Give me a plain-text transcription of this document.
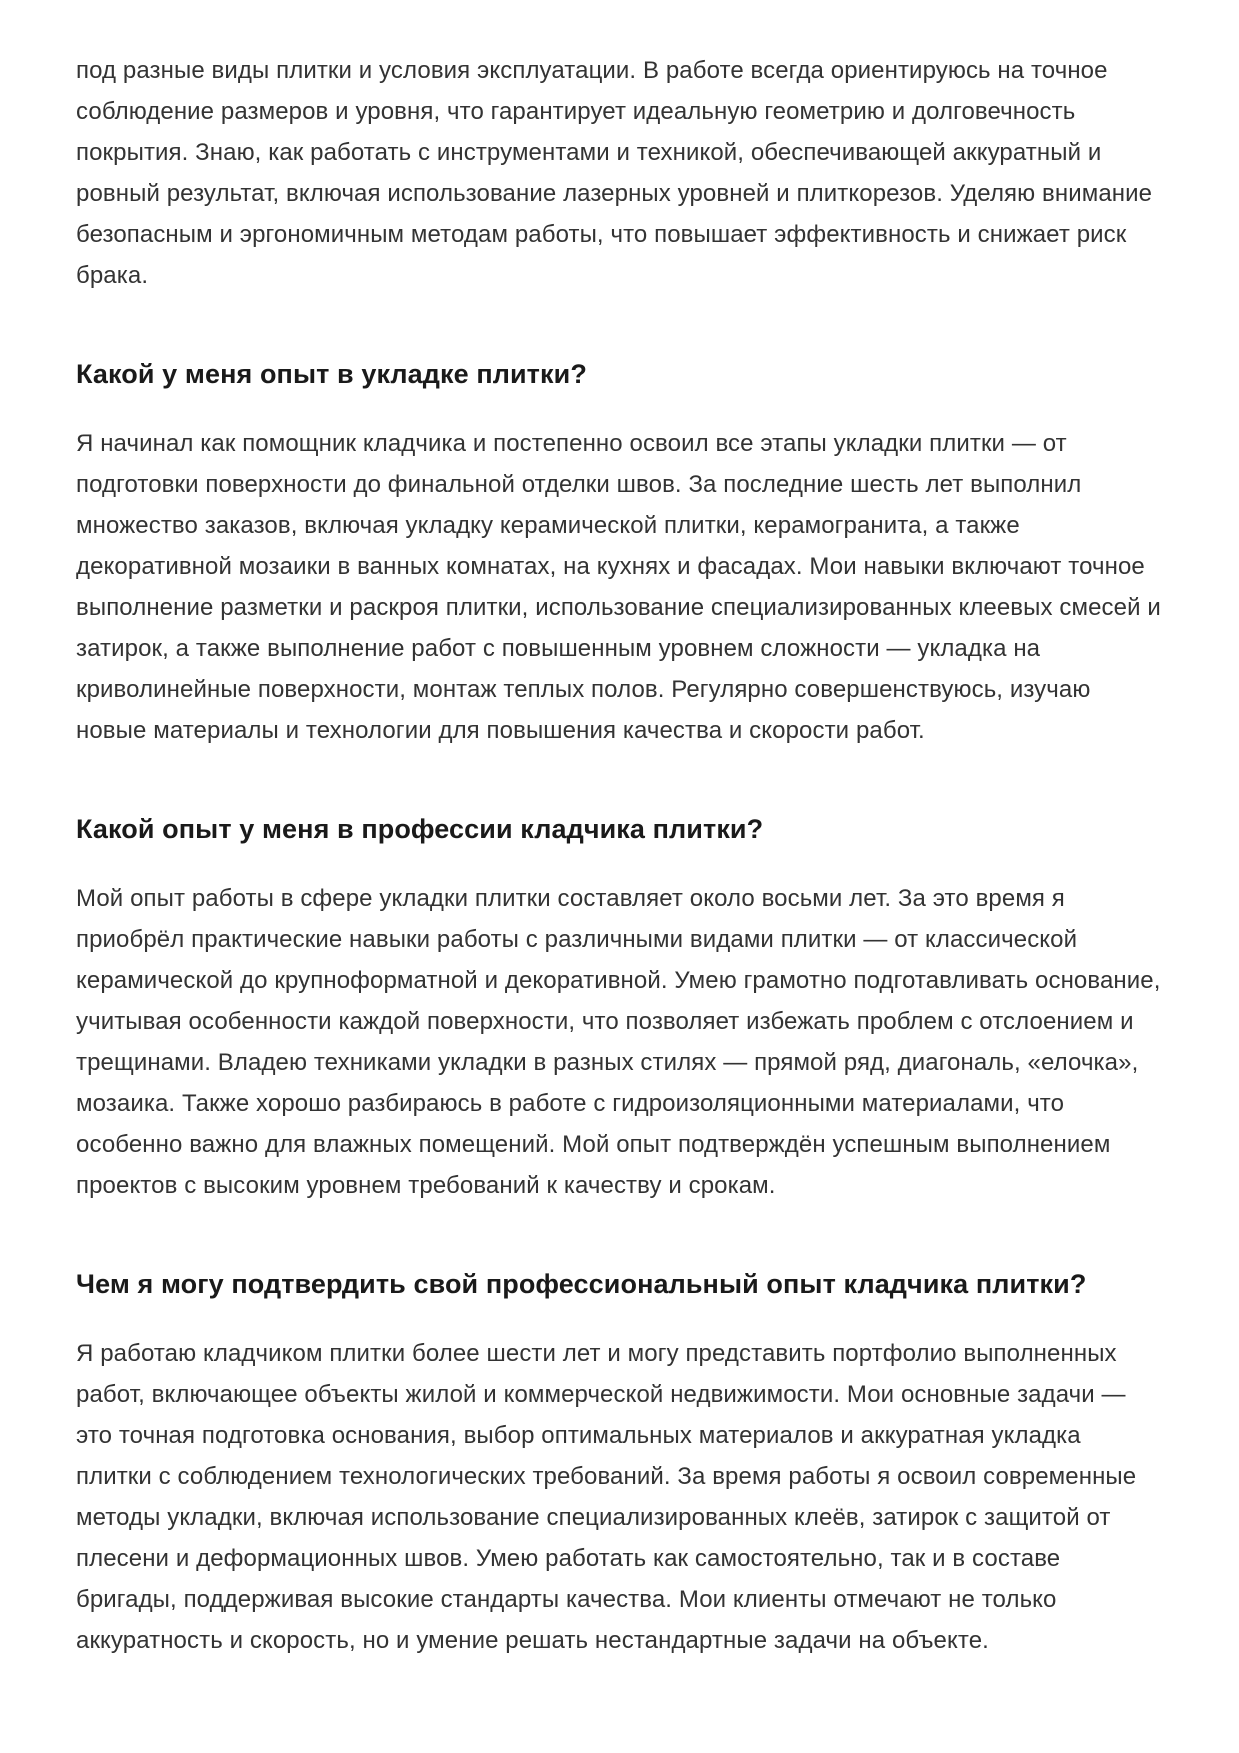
под разные виды плитки и условия эксплуатации. В работе всегда ориентируюсь на точное соблюдение размеров и уровня, что гарантирует идеальную геометрию и долговечность покрытия. Знаю, как работать с инструментами и техникой, обеспечивающей аккуратный и ровный результат, включая использование лазерных уровней и плиткорезов. Уделяю внимание безопасным и эргономичным методам работы, что повышает эффективность и снижает риск брака.

Какой у меня опыт в укладке плитки?

Я начинал как помощник кладчика и постепенно освоил все этапы укладки плитки — от подготовки поверхности до финальной отделки швов. За последние шесть лет выполнил множество заказов, включая укладку керамической плитки, керамогранита, а также декоративной мозаики в ванных комнатах, на кухнях и фасадах. Мои навыки включают точное выполнение разметки и раскроя плитки, использование специализированных клеевых смесей и затирок, а также выполнение работ с повышенным уровнем сложности — укладка на криволинейные поверхности, монтаж теплых полов. Регулярно совершенствуюсь, изучаю новые материалы и технологии для повышения качества и скорости работ.

Какой опыт у меня в профессии кладчика плитки?

Мой опыт работы в сфере укладки плитки составляет около восьми лет. За это время я приобрёл практические навыки работы с различными видами плитки — от классической керамической до крупноформатной и декоративной. Умею грамотно подготавливать основание, учитывая особенности каждой поверхности, что позволяет избежать проблем с отслоением и трещинами. Владею техниками укладки в разных стилях — прямой ряд, диагональ, «елочка», мозаика. Также хорошо разбираюсь в работе с гидроизоляционными материалами, что особенно важно для влажных помещений. Мой опыт подтверждён успешным выполнением проектов с высоким уровнем требований к качеству и срокам.

Чем я могу подтвердить свой профессиональный опыт кладчика плитки?

Я работаю кладчиком плитки более шести лет и могу представить портфолио выполненных работ, включающее объекты жилой и коммерческой недвижимости. Мои основные задачи — это точная подготовка основания, выбор оптимальных материалов и аккуратная укладка плитки с соблюдением технологических требований. За время работы я освоил современные методы укладки, включая использование специализированных клеёв, затирок с защитой от плесени и деформационных швов. Умею работать как самостоятельно, так и в составе бригады, поддерживая высокие стандарты качества. Мои клиенты отмечают не только аккуратность и скорость, но и умение решать нестандартные задачи на объекте.
